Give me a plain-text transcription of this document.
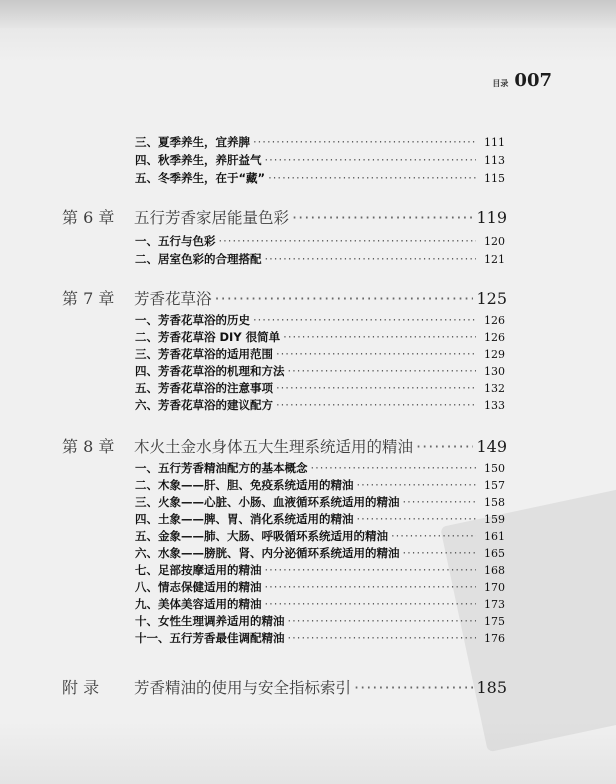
目录 007
三、夏季养生，宜养脾 ·····	111
四、秋季养生，养肝益气 ·····	113
五、冬季养生，在于“藏” ·····	115
第 6 章	五行芳香家居能量色彩 ·····	119
一、五行与色彩 ·····	120
二、居室色彩的合理搭配 ·····	121
第 7 章	芳香花草浴 ·····	125
一、芳香花草浴的历史 ·····	126
二、芳香花草浴 DIY 很简单 ·····	126
三、芳香花草浴的适用范围 ·····	129
四、芳香花草浴的机理和方法 ·····	130
五、芳香花草浴的注意事项 ·····	132
六、芳香花草浴的建议配方 ·····	133
第 8 章	木火土金水身体五大生理系统适用的精油 ·····	149
一、五行芳香精油配方的基本概念 ·····	150
二、木象——肝、胆、免疫系统适用的精油 ·····	157
三、火象——心脏、小肠、血液循环系统适用的精油 ·····	158
四、土象——脾、胃、消化系统适用的精油 ·····	159
五、金象——肺、大肠、呼吸循环系统适用的精油 ·····	161
六、水象——膀胱、肾、内分泌循环系统适用的精油 ·····	165
七、足部按摩适用的精油 ·····	168
八、情志保健适用的精油 ·····	170
九、美体美容适用的精油 ·····	173
十、女性生理调养适用的精油 ·····	175
十一、五行芳香最佳调配精油 ·····	176
附 录	芳香精油的使用与安全指标索引 ·····	185
